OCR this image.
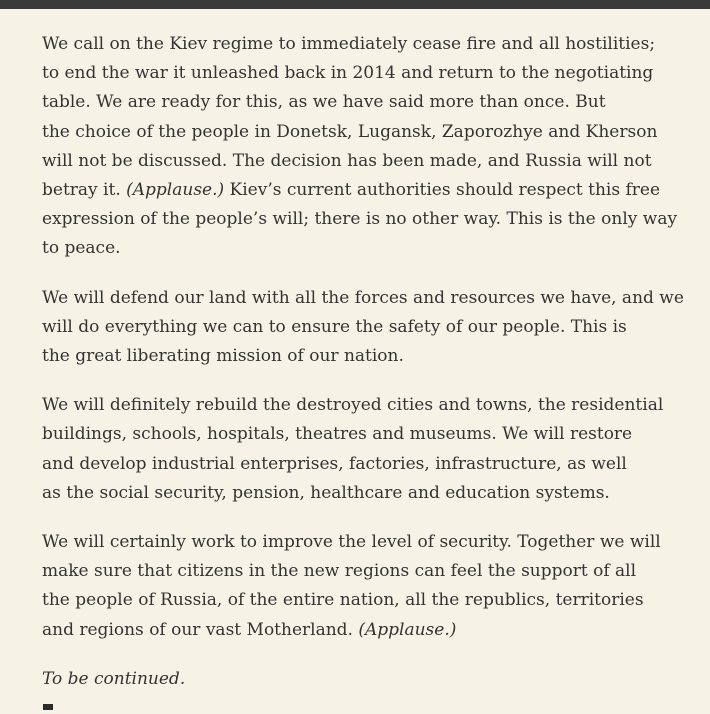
We call on the Kiev regime to immediately cease fire and all hostilities;
to end the war it unleashed back in 2014 and return to the negotiating
table. We are ready for this, as we have said more than once. But
the choice of the people in Donetsk, Lugansk, Zaporozhye and Kherson
will not be discussed. The decision has been made, and Russia will not
betray it. (Applause.) Kiev’s current authorities should respect this free
expression of the people’s will; there is no other way. This is the only way
to peace.

We will defend our land with all the forces and resources we have, and we
will do everything we can to ensure the safety of our people. This is
the great liberating mission of our nation.

We will definitely rebuild the destroyed cities and towns, the residential
buildings, schools, hospitals, theatres and museums. We will restore
and develop industrial enterprises, factories, infrastructure, as well
as the social security, pension, healthcare and education systems.

We will certainly work to improve the level of security. Together we will
make sure that citizens in the new regions can feel the support of all
the people of Russia, of the entire nation, all the republics, territories
and regions of our vast Motherland. (Applause.)

To be continued.
